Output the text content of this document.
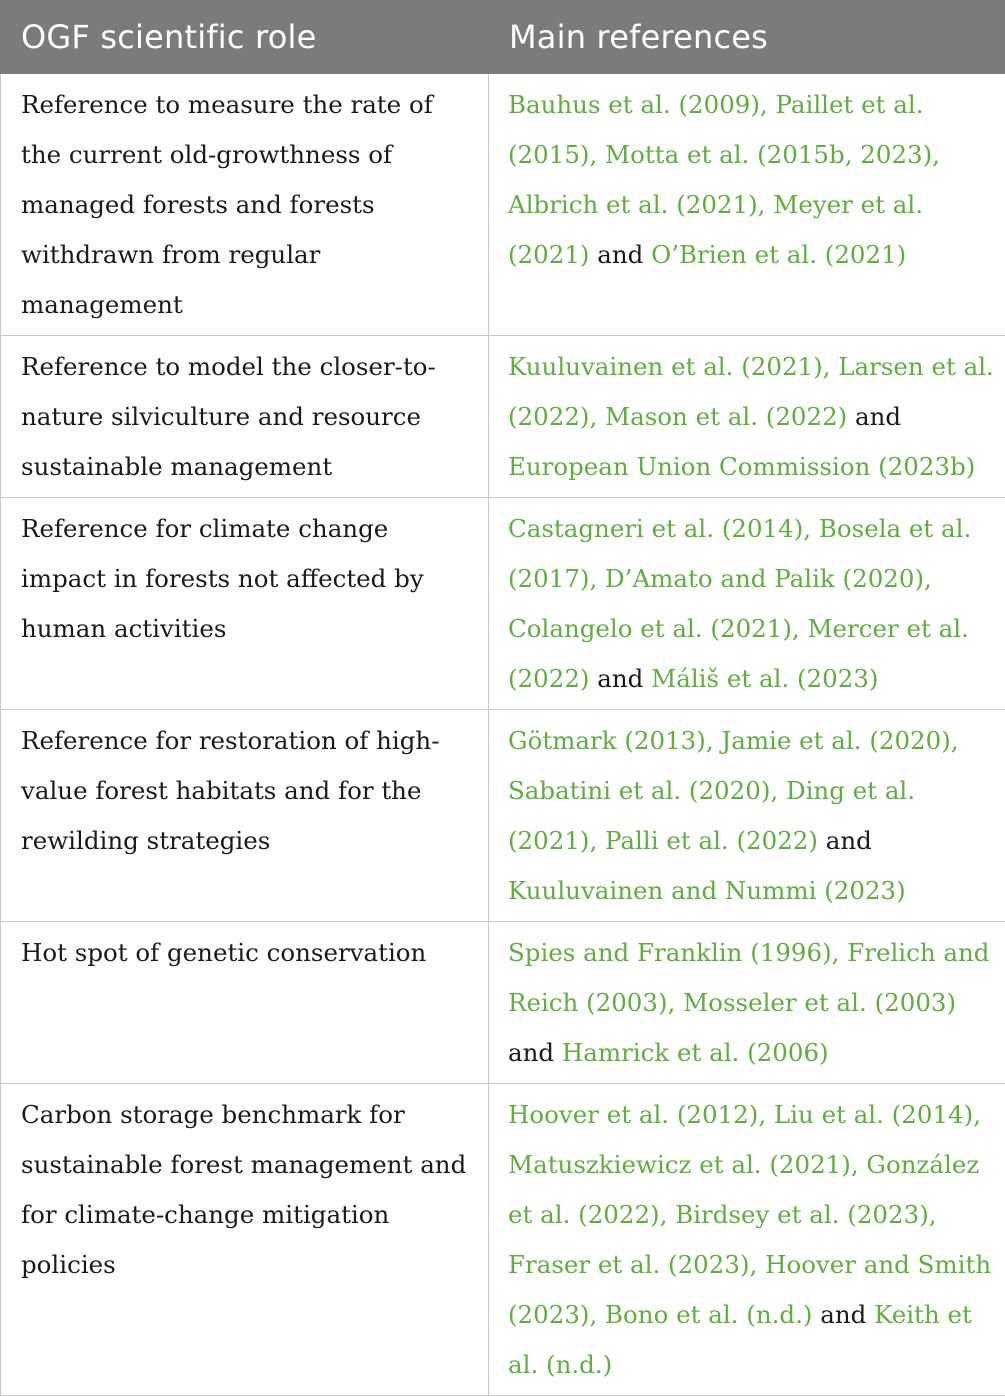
OGF scientific role	Main references
Reference to measure the rate of the current old-growthness of managed forests and forests withdrawn from regular management	Bauhus et al. (2009), Paillet et al. (2015), Motta et al. (2015b, 2023), Albrich et al. (2021), Meyer et al. (2021) and O’Brien et al. (2021)
Reference to model the closer-to-nature silviculture and resource sustainable management	Kuuluvainen et al. (2021), Larsen et al. (2022), Mason et al. (2022) and European Union Commission (2023b)
Reference for climate change impact in forests not affected by human activities	Castagneri et al. (2014), Bosela et al. (2017), D’Amato and Palik (2020), Colangelo et al. (2021), Mercer et al. (2022) and Máliš et al. (2023)
Reference for restoration of high-value forest habitats and for the rewilding strategies	Götmark (2013), Jamie et al. (2020), Sabatini et al. (2020), Ding et al. (2021), Palli et al. (2022) and Kuuluvainen and Nummi (2023)
Hot spot of genetic conservation	Spies and Franklin (1996), Frelich and Reich (2003), Mosseler et al. (2003) and Hamrick et al. (2006)
Carbon storage benchmark for sustainable forest management and for climate-change mitigation policies	Hoover et al. (2012), Liu et al. (2014), Matuszkiewicz et al. (2021), González et al. (2022), Birdsey et al. (2023), Fraser et al. (2023), Hoover and Smith (2023), Bono et al. (n.d.) and Keith et al. (n.d.)
